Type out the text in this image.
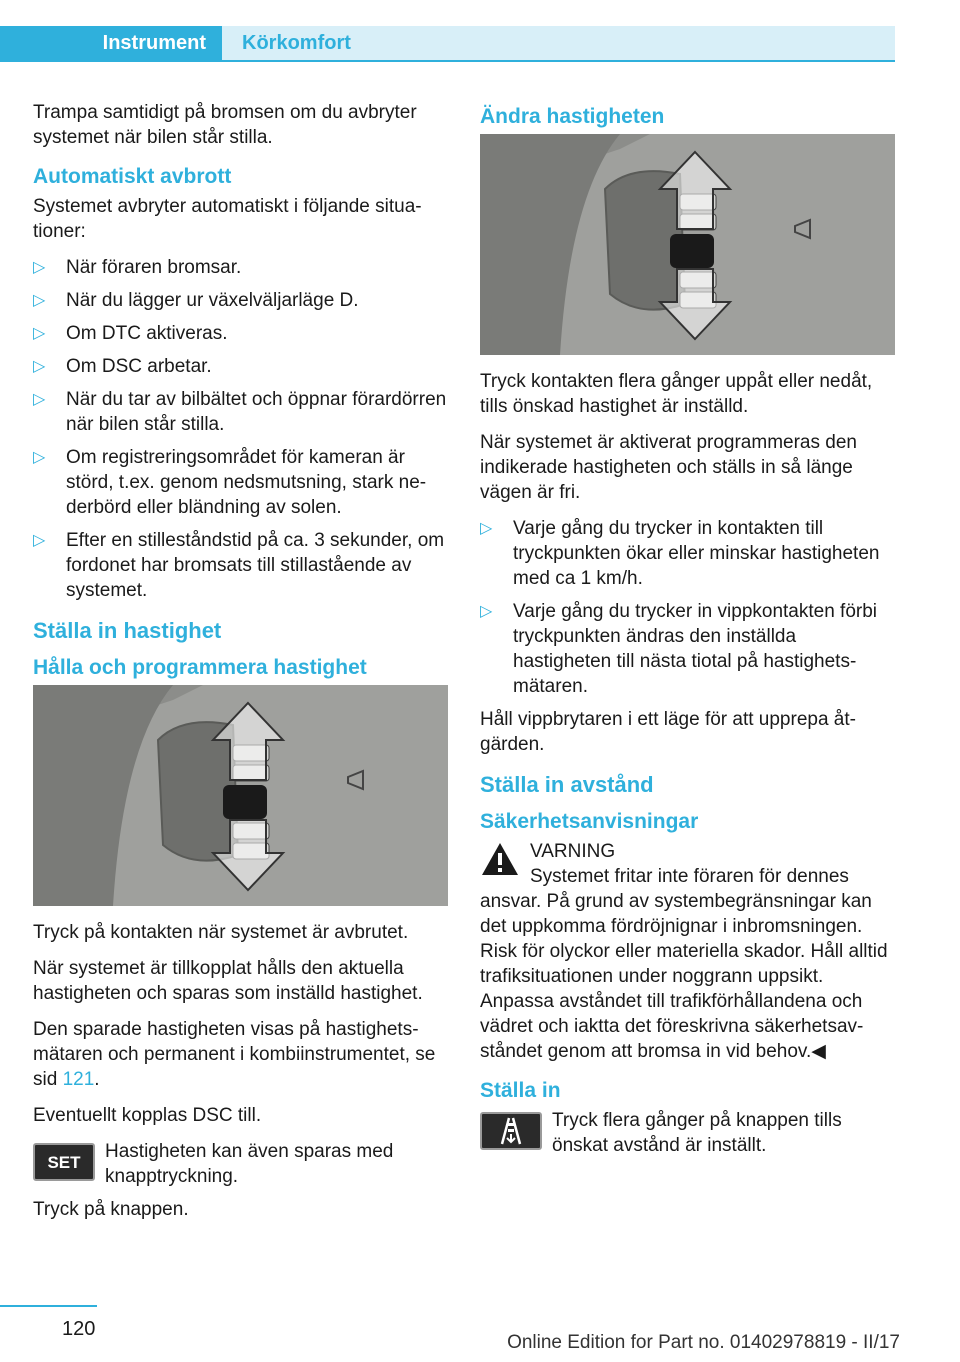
Instrument	Körkomfort

Trampa samtidigt på bromsen om du avbryter systemet när bilen står stilla.

Automatiskt avbrott

Systemet avbryter automatiskt i följande situationer:

▷ När föraren bromsar.
▷ När du lägger ur växelväljarläge D.
▷ Om DTC aktiveras.
▷ Om DSC arbetar.
▷ När du tar av bilbältet och öppnar förardörren när bilen står stilla.
▷ Om registreringsområdet för kameran är störd, t.ex. genom nedsmutsning, stark nederbörd eller bländning av solen.
▷ Efter en stilleståndstid på ca. 3 sekunder, om fordonet har bromsats till stillastående av systemet.
Ställa in hastighet
Hålla och programmera hastighet

Tryck på kontakten när systemet är avbrutet.

När systemet är tillkopplat hålls den aktuella hastigheten och sparas som inställd hastighet.

Den sparade hastigheten visas på hastighetsmätaren och permanent i kombiinstrumentet, se sid 121.

Eventuellt kopplas DSC till.

SET	Hastigheten kan även sparas med knapptryckning.

Tryck på knappen.

Ändra hastigheten

Tryck kontakten flera gånger uppåt eller nedåt, tills önskad hastighet är inställd.

När systemet är aktiverat programmeras den indikerade hastigheten och ställs in så länge vägen är fri.

▷ Varje gång du trycker in kontakten till tryckpunkten ökar eller minskar hastigheten med ca 1 km/h.
▷ Varje gång du trycker in vippkontakten förbi tryckpunkten ändras den inställda hastigheten till nästa tiotal på hastighetsmätaren.

Håll vippbrytaren i ett läge för att upprepa åtgärden.

Ställa in avstånd
Säkerhetsanvisningar
VARNING
Systemet fritar inte föraren för dennes

ansvar. På grund av systembegränsningar kan det uppkomma fördröjnignar i inbromsningen. Risk för olyckor eller materiella skador. Håll alltid trafiksituationen under noggrann uppsikt. Anpassa avståndet till trafikförhållandena och vädret och iaktta det föreskrivna säkerhetsavståndet genom att bromsa in vid behov.◀

Ställa in
Tryck flera gånger på knappen tills önskat avstånd är inställt.
120
Online Edition for Part no. 01402978819 - II/17
